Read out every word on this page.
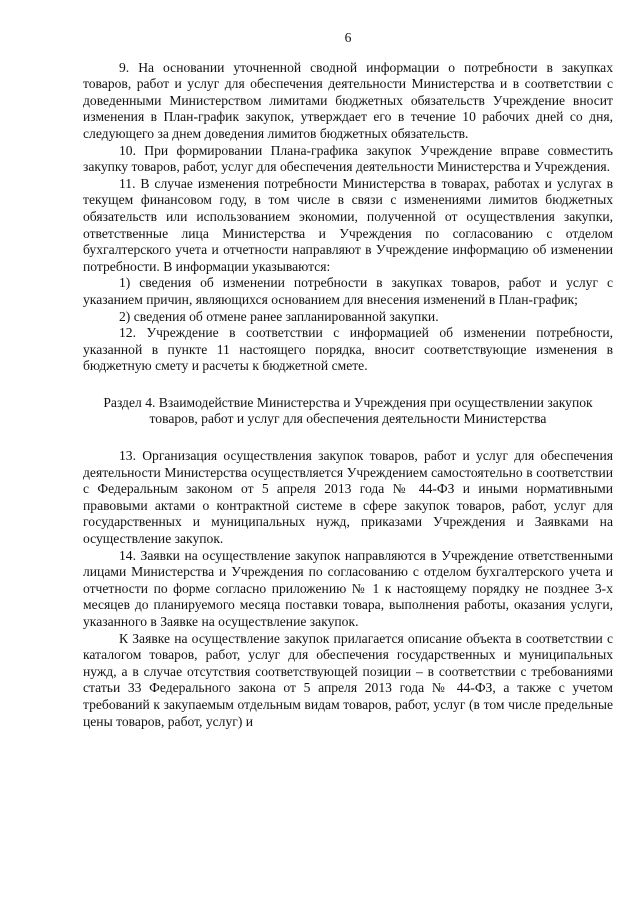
6

9. На основании уточненной сводной информации о потребности в закупках товаров, работ и услуг для обеспечения деятельности Министерства и в соответствии с доведенными Министерством лимитами бюджетных обязательств Учреждение вносит изменения в План-график закупок, утверждает его в течение 10 рабочих дней со дня, следующего за днем доведения лимитов бюджетных обязательств.

10. При формировании Плана-графика закупок Учреждение вправе совместить закупку товаров, работ, услуг для обеспечения деятельности Министерства и Учреждения.

11. В случае изменения потребности Министерства в товарах, работах и услугах в текущем финансовом году, в том числе в связи с изменениями лимитов бюджетных обязательств или использованием экономии, полученной от осуществления закупки, ответственные лица Министерства и Учреждения по согласованию с отделом бухгалтерского учета и отчетности направляют в Учреждение информацию об изменении потребности. В информации указываются:

1) сведения об изменении потребности в закупках товаров, работ и услуг с указанием причин, являющихся основанием для внесения изменений в План-график;

2) сведения об отмене ранее запланированной закупки.

12. Учреждение в соответствии с информацией об изменении потребности, указанной в пункте 11 настоящего порядка, вносит соответствующие изменения в бюджетную смету и расчеты к бюджетной смете.

Раздел 4. Взаимодействие Министерства и Учреждения при осуществлении закупок товаров, работ и услуг для обеспечения деятельности Министерства

13. Организация осуществления закупок товаров, работ и услуг для обеспечения деятельности Министерства осуществляется Учреждением самостоятельно в соответствии с Федеральным законом от 5 апреля 2013 года № 44-ФЗ и иными нормативными правовыми актами о контрактной системе в сфере закупок товаров, работ, услуг для государственных и муниципальных нужд, приказами Учреждения и Заявками на осуществление закупок.

14. Заявки на осуществление закупок направляются в Учреждение ответственными лицами Министерства и Учреждения по согласованию с отделом бухгалтерского учета и отчетности по форме согласно приложению № 1 к настоящему порядку не позднее 3-х месяцев до планируемого месяца поставки товара, выполнения работы, оказания услуги, указанного в Заявке на осуществление закупок.

К Заявке на осуществление закупок прилагается описание объекта в соответствии с каталогом товаров, работ, услуг для обеспечения государственных и муниципальных нужд, а в случае отсутствия соответствующей позиции – в соответствии с требованиями статьи 33 Федерального закона от 5 апреля 2013 года № 44-ФЗ, а также с учетом требований к закупаемым отдельным видам товаров, работ, услуг (в том числе предельные цены товаров, работ, услуг) и
